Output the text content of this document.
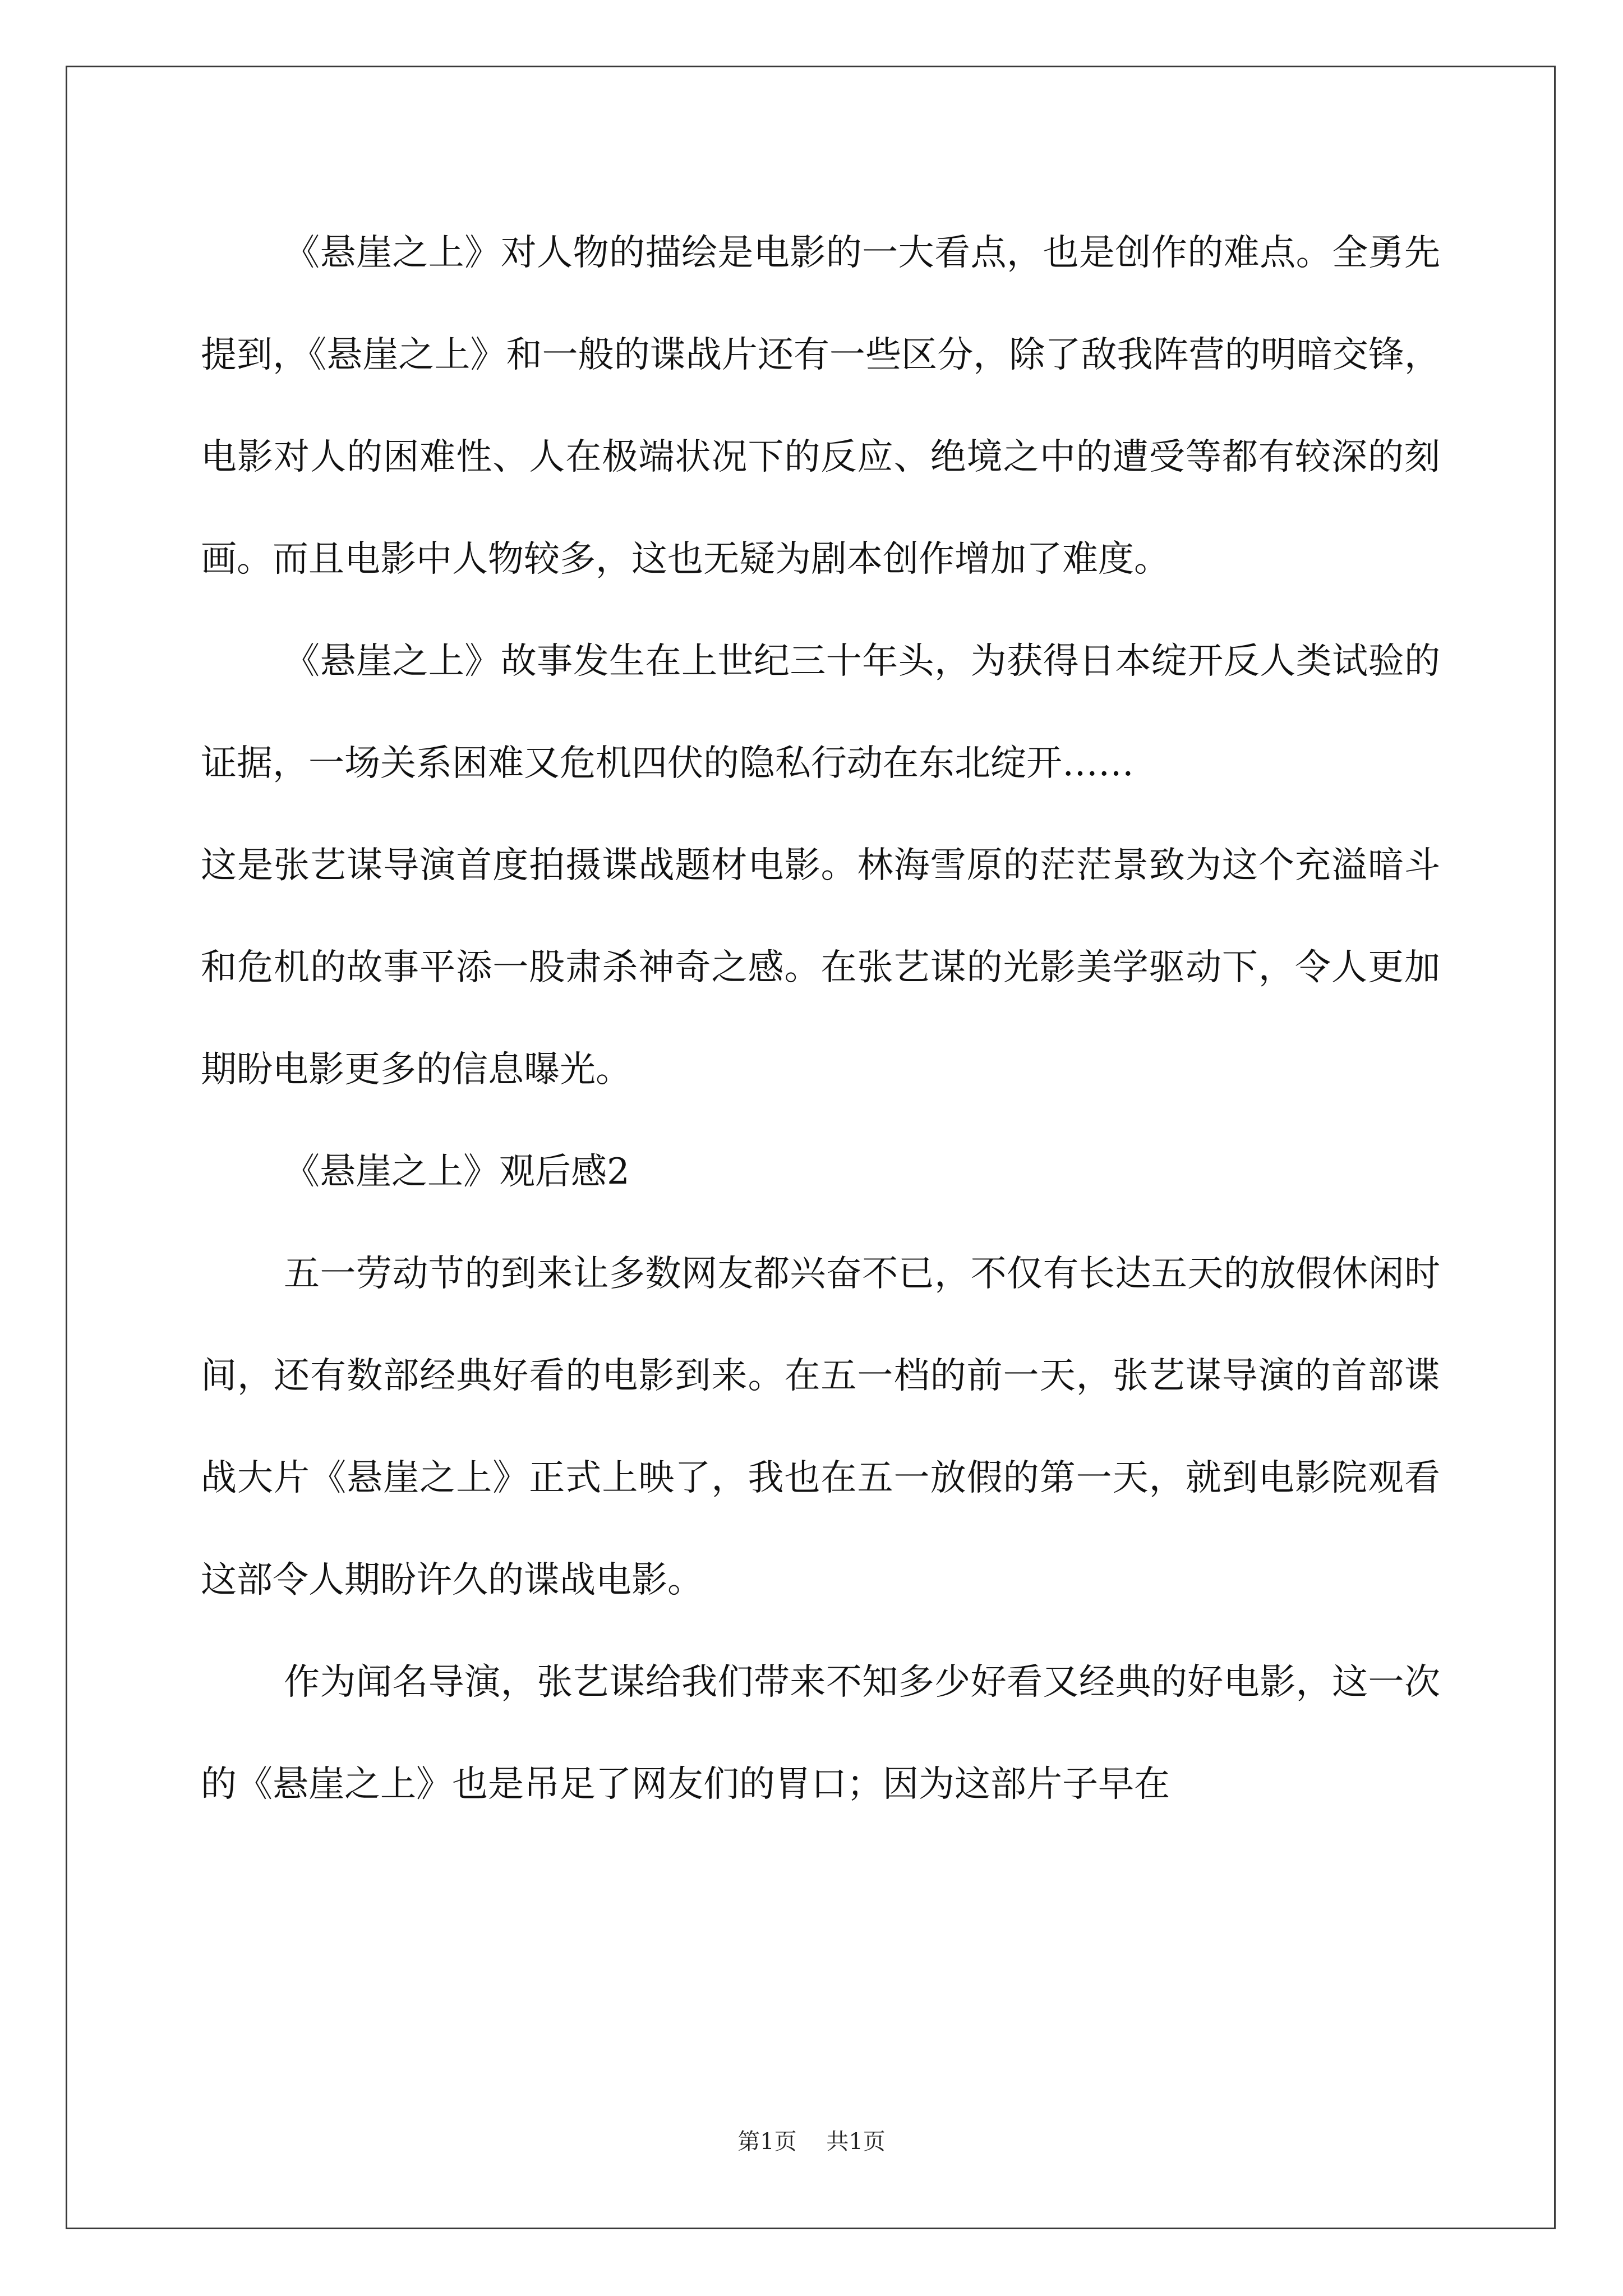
《悬崖之上》对人物的描绘是电影的一大看点，也是创作的难点。全勇先提到，《悬崖之上》和一般的谍战片还有一些区分，除了敌我阵营的明暗交锋，电影对人的困难性、人在极端状况下的反应、绝境之中的遭受等都有较深的刻画。而且电影中人物较多，这也无疑为剧本创作增加了难度。

《悬崖之上》故事发生在上世纪三十年头，为获得日本绽开反人类试验的证据，一场关系困难又危机四伏的隐私行动在东北绽开……

这是张艺谋导演首度拍摄谍战题材电影。林海雪原的茫茫景致为这个充溢暗斗和危机的故事平添一股肃杀神奇之感。在张艺谋的光影美学驱动下，令人更加期盼电影更多的信息曝光。

《悬崖之上》观后感2

五一劳动节的到来让多数网友都兴奋不已，不仅有长达五天的放假休闲时间，还有数部经典好看的电影到来。在五一档的前一天，张艺谋导演的首部谍战大片《悬崖之上》正式上映了，我也在五一放假的第一天，就到电影院观看这部令人期盼许久的谍战电影。

作为闻名导演，张艺谋给我们带来不知多少好看又经典的好电影，这一次的《悬崖之上》也是吊足了网友们的胃口；因为这部片子早在

第1页 共1页
